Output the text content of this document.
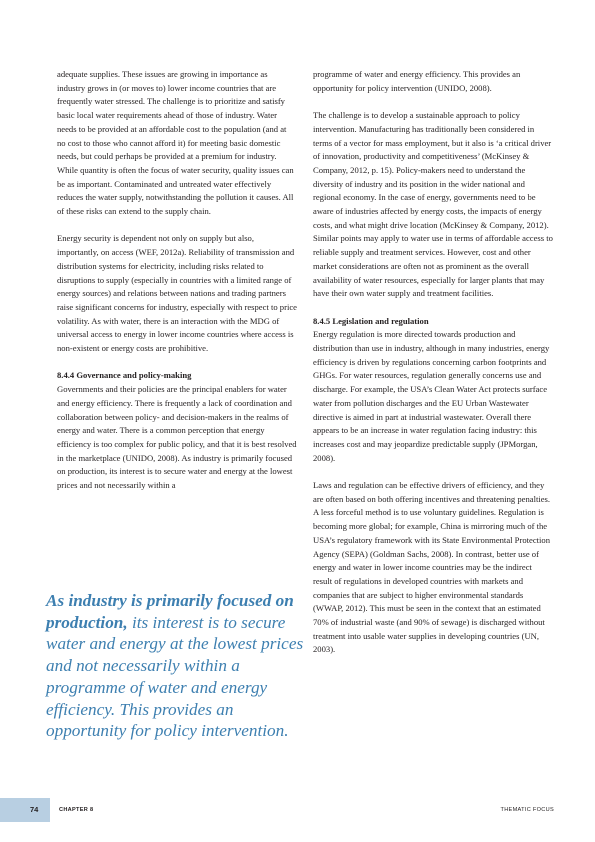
adequate supplies. These issues are growing in importance as industry grows in (or moves to) lower income countries that are frequently water stressed. The challenge is to prioritize and satisfy basic local water requirements ahead of those of industry. Water needs to be provided at an affordable cost to the population (and at no cost to those who cannot afford it) for meeting basic domestic needs, but could perhaps be provided at a premium for industry. While quantity is often the focus of water security, quality issues can be as important. Contaminated and untreated water effectively reduces the water supply, notwithstanding the pollution it causes. All of these risks can extend to the supply chain.

Energy security is dependent not only on supply but also, importantly, on access (WEF, 2012a). Reliability of transmission and distribution systems for electricity, including risks related to disruptions to supply (especially in countries with a limited range of energy sources) and relations between nations and trading partners raise significant concerns for industry, especially with respect to price volatility. As with water, there is an interaction with the MDG of universal access to energy in lower income countries where access is non-existent or energy costs are prohibitive.

8.4.4 Governance and policy-making

Governments and their policies are the principal enablers for water and energy efficiency. There is frequently a lack of coordination and collaboration between policy- and decision-makers in the realms of energy and water. There is a common perception that energy efficiency is too complex for public policy, and that it is best resolved in the marketplace (UNIDO, 2008). As industry is primarily focused on production, its interest is to secure water and energy at the lowest prices and not necessarily within a

As industry is primarily focused on production, its interest is to secure water and energy at the lowest prices and not necessarily within a programme of water and energy efficiency. This provides an opportunity for policy intervention.

programme of water and energy efficiency. This provides an opportunity for policy intervention (UNIDO, 2008).

The challenge is to develop a sustainable approach to policy intervention. Manufacturing has traditionally been considered in terms of a vector for mass employment, but it also is ‘a critical driver of innovation, productivity and competitiveness’ (McKinsey & Company, 2012, p. 15). Policy-makers need to understand the diversity of industry and its position in the wider national and regional economy. In the case of energy, governments need to be aware of industries affected by energy costs, the impacts of energy costs, and what might drive location (McKinsey & Company, 2012). Similar points may apply to water use in terms of affordable access to reliable supply and treatment services. However, cost and other market considerations are often not as prominent as the overall availability of water resources, especially for larger plants that may have their own water supply and treatment facilities.

8.4.5 Legislation and regulation

Energy regulation is more directed towards production and distribution than use in industry, although in many industries, energy efficiency is driven by regulations concerning carbon footprints and GHGs. For water resources, regulation generally concerns use and discharge. For example, the USA’s Clean Water Act protects surface water from pollution discharges and the EU Urban Wastewater directive is aimed in part at industrial wastewater. Overall there appears to be an increase in water regulation facing industry: this increases cost and may jeopardize predictable supply (JPMorgan, 2008).

Laws and regulation can be effective drivers of efficiency, and they are often based on both offering incentives and threatening penalties. A less forceful method is to use voluntary guidelines. Regulation is becoming more global; for example, China is mirroring much of the USA’s regulatory framework with its State Environmental Protection Agency (SEPA) (Goldman Sachs, 2008). In contrast, better use of energy and water in lower income countries may be the indirect result of regulations in developed countries with markets and companies that are subject to higher environmental standards (WWAP, 2012). This must be seen in the context that an estimated 70% of industrial waste (and 90% of sewage) is discharged without treatment into usable water supplies in developing countries (UN, 2003).

74	CHAPTER 8	THEMATIC FOCUS
